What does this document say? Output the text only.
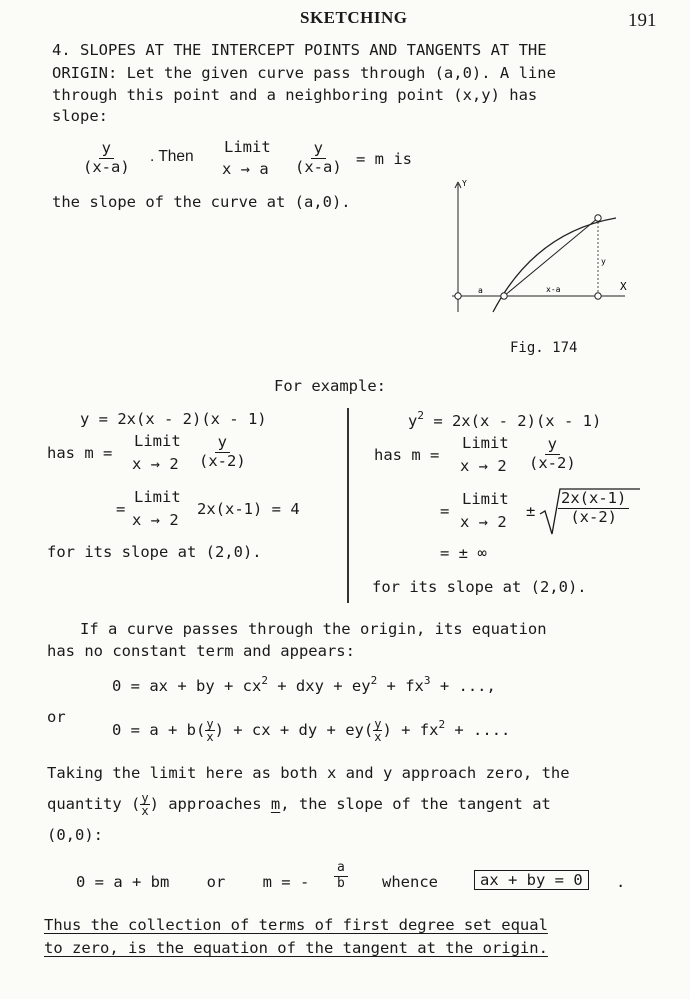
SKETCHING	191
4. SLOPES AT THE INTERCEPT POINTS AND TANGENTS AT THE
ORIGIN: Let the given curve pass through (a,0). A line
through this point and a neighboring point (x,y) has
slope:
$\frac{y}{(x-a)}$ . Then
Limit
x → a $\frac{y}{(x-a)} = m$ is
the slope of the curve at (a,0).
Y
X
a	x-a
y
Fig. 174
For example:
y = 2x(x - 2)(x - 1)
has m =
Limit
$x \to 2 \frac{y}{(x-2)}$
=
Limit
x → 2
2x(x-1) = 4
for its slope at (2,0).
$y^2 = 2x(x - 2)(x - 1)$
has m =
Limit
$x \to 2 \frac{y}{(x-2)}$
=
Limit
x → 2
± $\frac{2x(x-1)}{(x-2)}$
= ± ∞
for its slope at (2,0).
If a curve passes through the origin, its equation
has no constant term and appears:
0 = ax + by + $cx^2$ + dxy + $ey^2 + fx^3$ + ...,
or
$0 = a + b( \frac{y}{x}$ ) + cx + dy + $ey( \frac{y}{x}$ ) + $fx^2$ + ....
Taking the limit here as both x and y approach zero, the
quantity ( $\frac{y}{x}$ ) approaches m, the slope of the tangent at
(0,0):
0 = a + bm    or    m = - $\frac{a}{b}$ whence	ax + by = 0	.
Thus the collection of terms of first degree set equal
to zero, is the equation of the tangent at the origin.
